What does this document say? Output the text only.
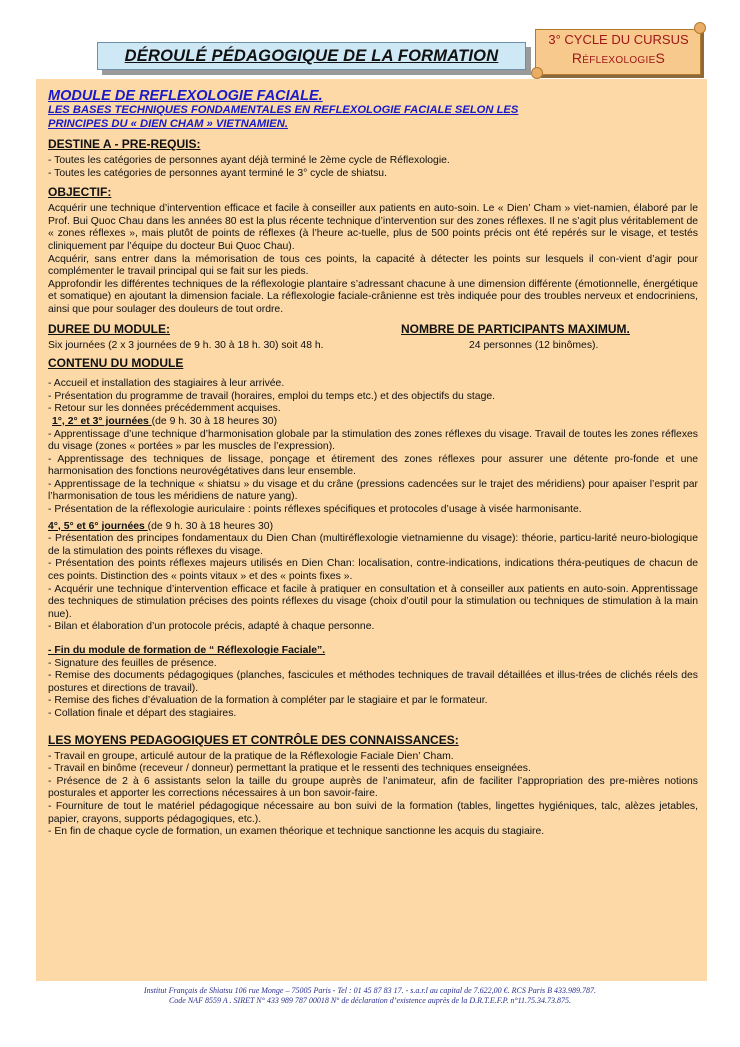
DÉROULÉ PÉDAGOGIQUE DE LA FORMATION
3° CYCLE DU CURSUS
RéflexologieS
MODULE DE REFLEXOLOGIE FACIALE.
LES BASES TECHNIQUES FONDAMENTALES EN REFLEXOLOGIE FACIALE SELON LES
PRINCIPES DU « DIEN CHAM » VIETNAMIEN.
DESTINE A - PRE-REQUIS:

- Toutes les catégories de personnes ayant déjà terminé le 2ème cycle de Réflexologie.

- Toutes les catégories de personnes ayant terminé le 3° cycle de shiatsu.

OBJECTIF:

Acquérir une technique d’intervention efficace et facile à conseiller aux patients en auto-soin. Le « Dien’ Cham » viet-namien, élaboré par le Prof. Bui Quoc Chau dans les années 80 est la plus récente technique d’intervention sur des zones réflexes. Il ne s’agit plus véritablement de « zones réflexes », mais plutôt de points de réflexes (à l’heure ac-tuelle, plus de 500 points précis ont été repérés sur le visage, et testés cliniquement par l’équipe du docteur Bui Quoc Chau).

Acquérir, sans entrer dans la mémorisation de tous ces points, la capacité à détecter les points sur lesquels il con-vient d’agir pour complémenter le travail principal qui se fait sur les pieds.

Approfondir les différentes techniques de la réflexologie plantaire s’adressant chacune à une dimension différente (émotionnelle, énergétique et somatique) en ajoutant la dimension faciale. La réflexologie faciale-crânienne est très indiquée pour des troubles nerveux et endocriniens, ainsi que pour soulager des douleurs de tout ordre.

DUREE DU MODULE:	NOMBRE DE PARTICIPANTS MAXIMUM.
Six journées (2 x 3 journées de 9 h. 30 à 18 h. 30) soit 48 h.	24 personnes (12 binômes).
CONTENU DU MODULE

- Accueil et installation des stagiaires à leur arrivée.

- Présentation du programme de travail (horaires, emploi du temps etc.) et des objectifs du stage.

- Retour sur les données précédemment acquises.

1°, 2° et 3° journées (de 9 h. 30 à 18 heures 30)

- Apprentissage d’une technique d’harmonisation globale par la stimulation des zones réflexes du visage. Travail de toutes les zones réflexes du visage (zones « portées » par les muscles de l’expression).

- Apprentissage des techniques de lissage, ponçage et étirement des zones réflexes pour assurer une détente pro-fonde et une harmonisation des fonctions neurovégétatives dans leur ensemble.

- Apprentissage de la technique « shiatsu » du visage et du crâne (pressions cadencées sur le trajet des méridiens) pour apaiser l’esprit par l’harmonisation de tous les méridiens de nature yang).

- Présentation de la réflexologie auriculaire : points réflexes spécifiques et protocoles d’usage à visée harmonisante.

4°, 5° et 6° journées (de 9 h. 30 à 18 heures 30)

- Présentation des principes fondamentaux du Dien Chan (multiréflexologie vietnamienne du visage): théorie, particu-larité neuro-biologique de la stimulation des points réflexes du visage.

- Présentation des points réflexes majeurs utilisés en Dien Chan: localisation, contre-indications, indications théra-peutiques de chacun de ces points. Distinction des « points vitaux » et des « points fixes ».

- Acquérir une technique d’intervention efficace et facile à pratiquer en consultation et à conseiller aux patients en auto-soin. Apprentissage des techniques de stimulation précises des points réflexes du visage (choix d’outil pour la stimulation ou techniques de stimulation à la main nue).

- Bilan et élaboration d’un protocole précis, adapté à chaque personne.

- Fin du module de formation de “ Réflexologie Faciale”.

- Signature des feuilles de présence.

- Remise des documents pédagogiques (planches, fascicules et méthodes techniques de travail détaillées et illus-trées de clichés réels des postures et directions de travail).

- Remise des fiches d’évaluation de la formation à compléter par le stagiaire et par le formateur.

- Collation finale et départ des stagiaires.

LES MOYENS PEDAGOGIQUES ET CONTRÔLE DES CONNAISSANCES:

- Travail en groupe, articulé autour de la pratique de la Réflexologie Faciale Dien’ Cham.

- Travail en binôme (receveur / donneur) permettant la pratique et le ressenti des techniques enseignées.

- Présence de 2 à 6 assistants selon la taille du groupe auprès de l’animateur, afin de faciliter l’appropriation des pre-mières notions posturales et apporter les corrections nécessaires à un bon savoir-faire.

- Fourniture de tout le matériel pédagogique nécessaire au bon suivi de la formation (tables, lingettes hygiéniques, talc, alèzes jetables, papier, crayons, supports pédagogiques, etc.).

- En fin de chaque cycle de formation, un examen théorique et technique sanctionne les acquis du stagiaire.

Institut Français de Shiatsu 106 rue Monge – 75005 Paris - Tel : 01 45 87 83 17. - s.a.r.l au capital de 7.622,00 €. RCS Paris B 433.989.787.
Code NAF 8559 A . SIRET N° 433 989 787 00018 N° de déclaration d’existence auprès de la D.R.T.E.F.P. n°11.75.34.73.875.
